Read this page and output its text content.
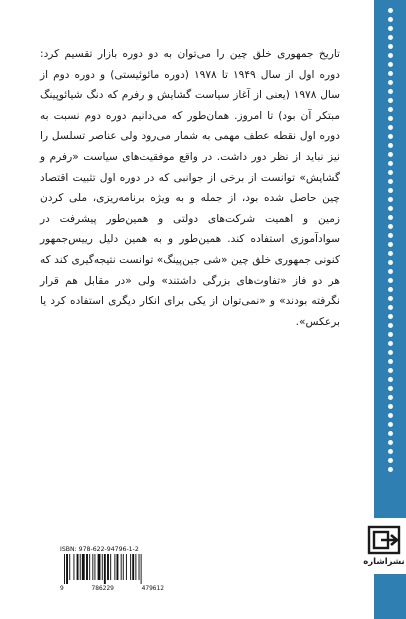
تاریخ جمهوری خلق چین را می‌توان به دو دوره بازار تقسیم کرد: دوره اول از سال ۱۹۴۹ تا ۱۹۷۸ (دوره مائوئیستی) و دوره دوم از سال ۱۹۷۸ (یعنی از آغاز سیاست گشایش و رفرم که دنگ شیائوپینگ مبتکر آن بود) تا امروز. همان‌طور که می‌دانیم دوره دوم نسبت به دوره اول نقطه عطف مهمی به شمار می‌رود ولی عناصر تسلسل را نیز نباید از نظر دور داشت. در واقع موفقیت‌های سیاست «رفرم و گشایش» توانست از برخی از جوانبی که در دوره اول تثبیت اقتصاد چین حاصل شده بود، از جمله و به ویژه برنامه‌ریزی، ملی کردن زمین و اهمیت شرکت‌های دولتی و همین‌طور پیشرفت در سوادآموزی استفاده کند. همین‌طور و به همین دلیل رییس‌جمهور کنونی جمهوری خلق چین «شی جین‌پینگ» توانست نتیجه‌گیری کند که هر دو فاز «تفاوت‌های بزرگی داشتند» ولی «در مقابل هم قرار نگرفته بودند» و «نمی‌توان از یکی برای انکار دیگری استفاده کرد یا برعکس».

نشراشاره
ISBN: 978-622-94796-1-2
9	786229	479612
